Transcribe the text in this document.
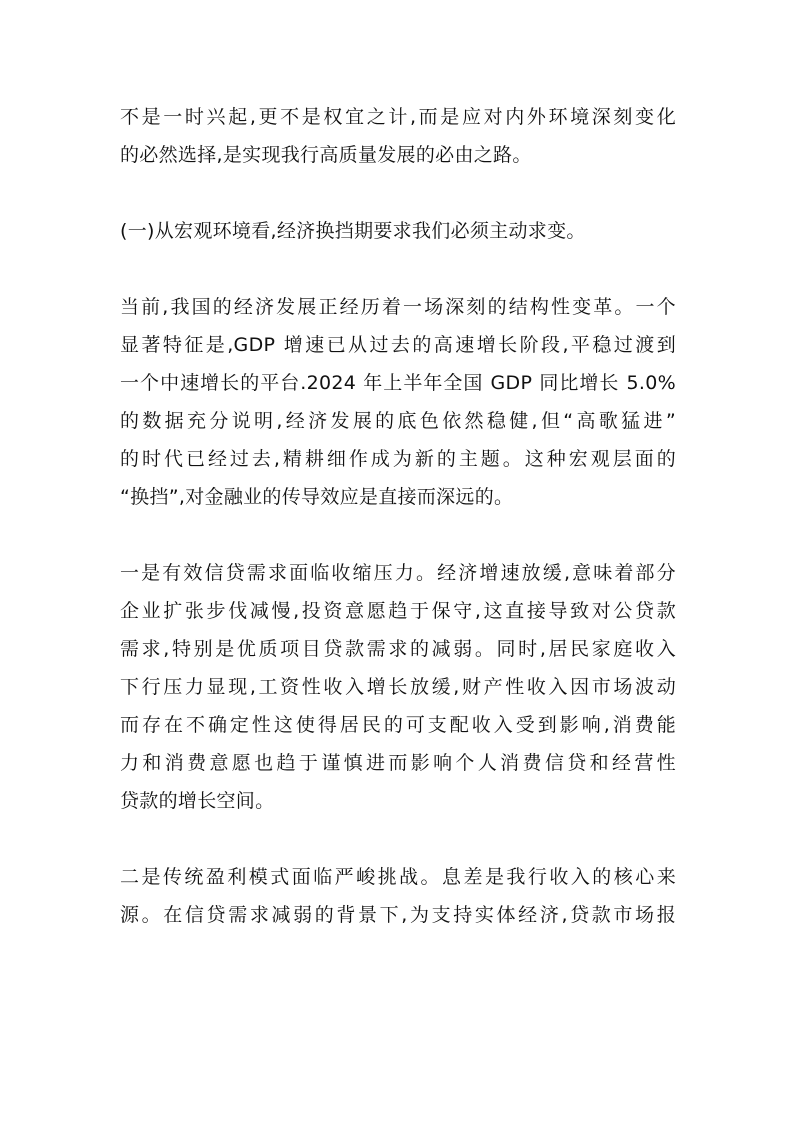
不是一时兴起,更不是权宜之计,而是应对内外环境深刻变化
的必然选择,是实现我行高质量发展的必由之路。
(一)从宏观环境看,经济换挡期要求我们必须主动求变。
当前,我国的经济发展正经历着一场深刻的结构性变革。一个
显著特征是,GDP 增速已从过去的高速增长阶段,平稳过渡到
一个中速增长的平台.2024 年上半年全国 GDP 同比增长 5.0%
的数据充分说明,经济发展的底色依然稳健,但“高歌猛进”
的时代已经过去,精耕细作成为新的主题。这种宏观层面的
“换挡”,对金融业的传导效应是直接而深远的。
一是有效信贷需求面临收缩压力。经济增速放缓,意味着部分
企业扩张步伐减慢,投资意愿趋于保守,这直接导致对公贷款
需求,特别是优质项目贷款需求的减弱。同时,居民家庭收入
下行压力显现,工资性收入增长放缓,财产性收入因市场波动
而存在不确定性这使得居民的可支配收入受到影响,消费能
力和消费意愿也趋于谨慎进而影响个人消费信贷和经营性
贷款的增长空间。
二是传统盈利模式面临严峻挑战。息差是我行收入的核心来
源。在信贷需求减弱的背景下,为支持实体经济,贷款市场报
